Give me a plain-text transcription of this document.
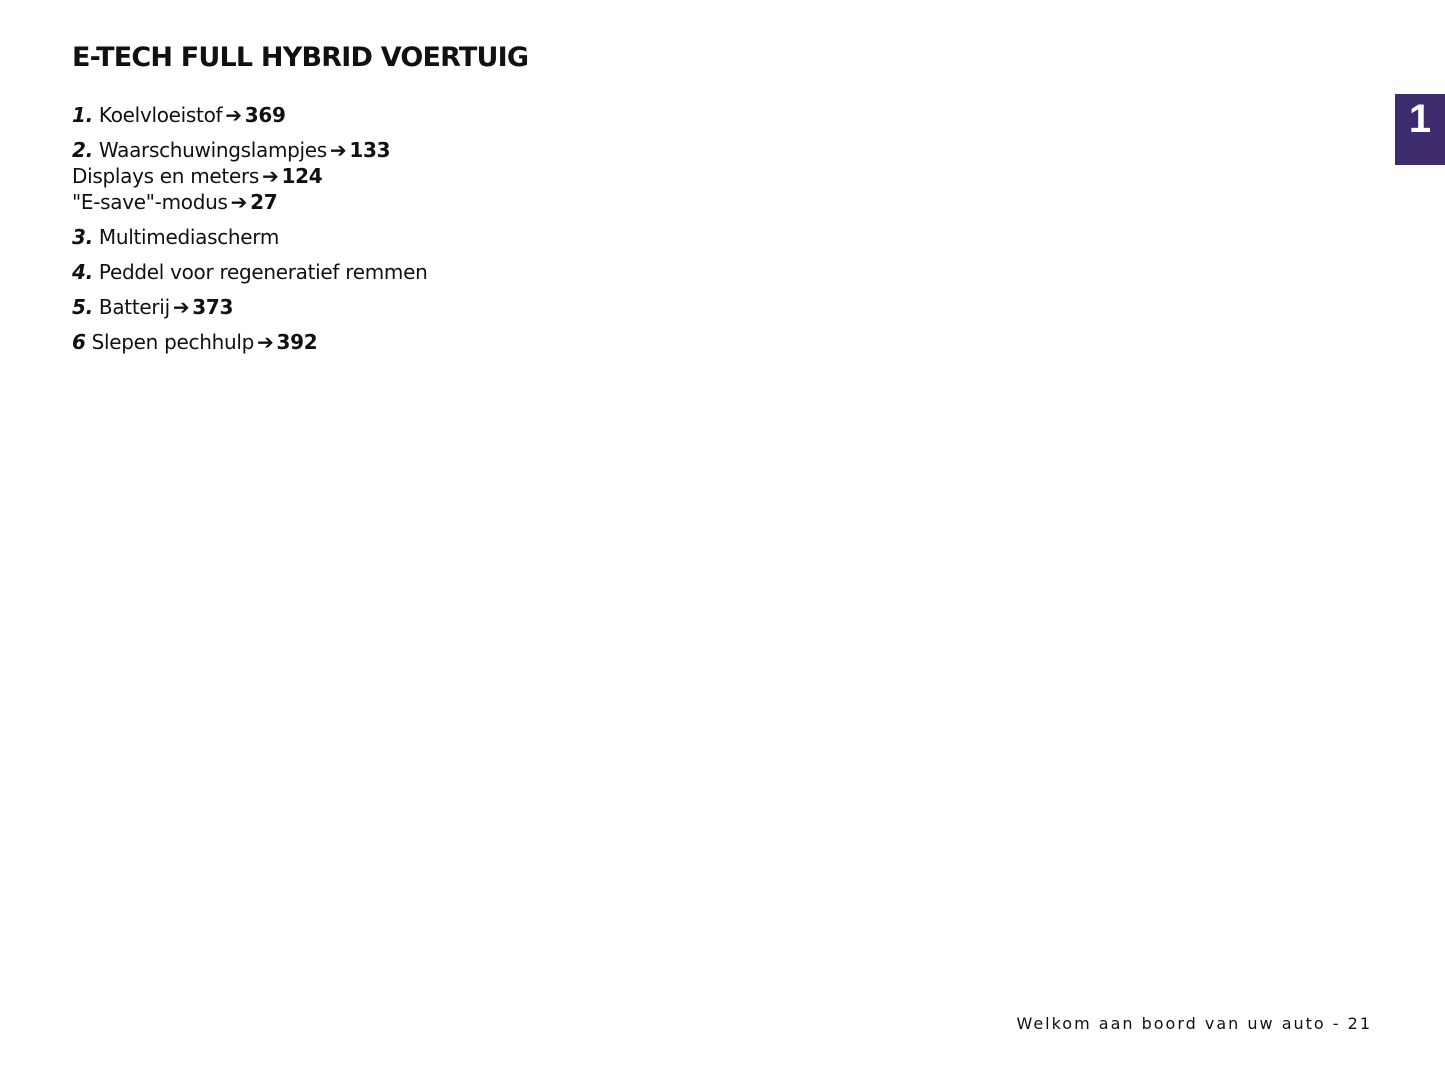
E-TECH FULL HYBRID VOERTUIG
1. Koelvloeistof ➔ 369
2. Waarschuwingslampjes ➔ 133
Displays en meters ➔ 124
"E-save"-modus ➔ 27
3. Multimediascherm
4. Peddel voor regeneratief remmen
5. Batterij ➔ 373
6 Slepen pechhulp ➔ 392
1
Welkom aan boord van uw auto - 21
